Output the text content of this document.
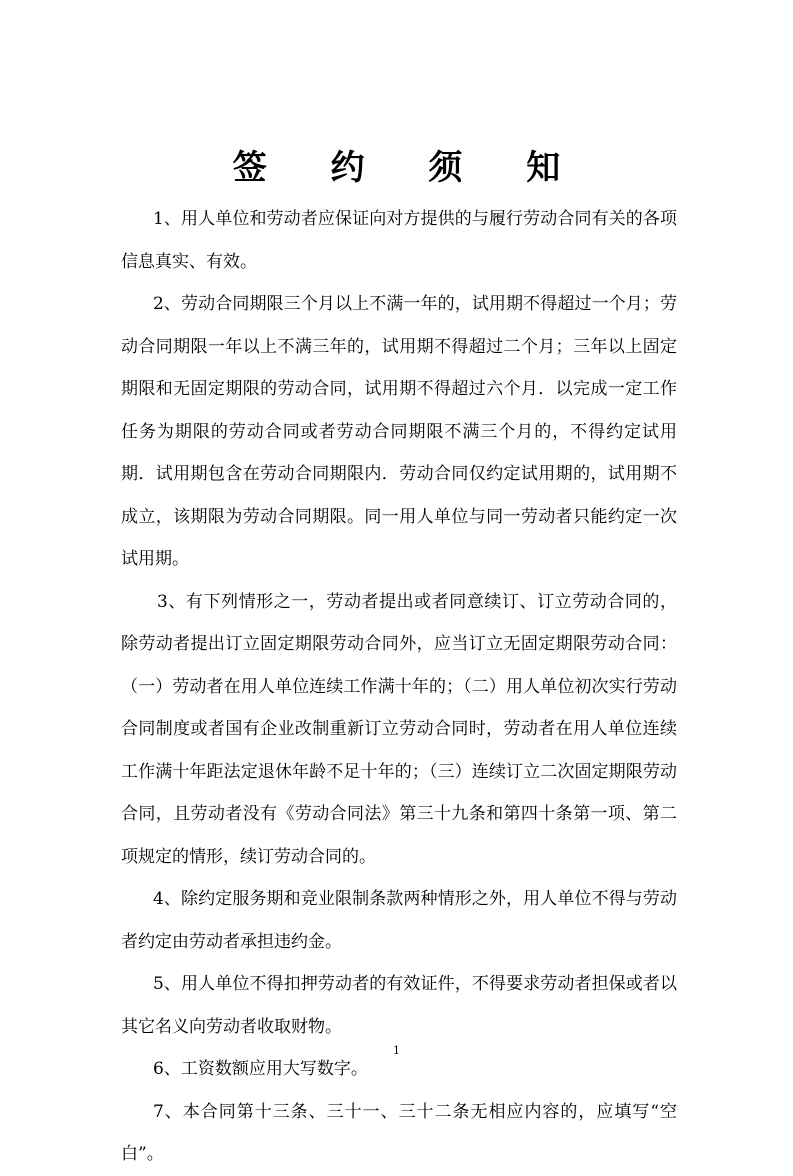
签 约 须 知

1、用人单位和劳动者应保证向对方提供的与履行劳动合同有关的各项信息真实、有效。

2、劳动合同期限三个月以上不满一年的，试用期不得超过一个月；劳动合同期限一年以上不满三年的，试用期不得超过二个月；三年以上固定期限和无固定期限的劳动合同，试用期不得超过六个月．以完成一定工作任务为期限的劳动合同或者劳动合同期限不满三个月的，不得约定试用期．试用期包含在劳动合同期限内．劳动合同仅约定试用期的，试用期不成立，该期限为劳动合同期限。同一用人单位与同一劳动者只能约定一次试用期。

3、有下列情形之一，劳动者提出或者同意续订、订立劳动合同的，除劳动者提出订立固定期限劳动合同外，应当订立无固定期限劳动合同：（一）劳动者在用人单位连续工作满十年的；（二）用人单位初次实行劳动合同制度或者国有企业改制重新订立劳动合同时，劳动者在用人单位连续工作满十年距法定退休年龄不足十年的；（三）连续订立二次固定期限劳动合同，且劳动者没有《劳动合同法》第三十九条和第四十条第一项、第二项规定的情形，续订劳动合同的。

4、除约定服务期和竞业限制条款两种情形之外，用人单位不得与劳动者约定由劳动者承担违约金。

5、用人单位不得扣押劳动者的有效证件，不得要求劳动者担保或者以其它名义向劳动者收取财物。

6、工资数额应用大写数字。

7、本合同第十三条、三十一、三十二条无相应内容的，应填写“空白”。

1
